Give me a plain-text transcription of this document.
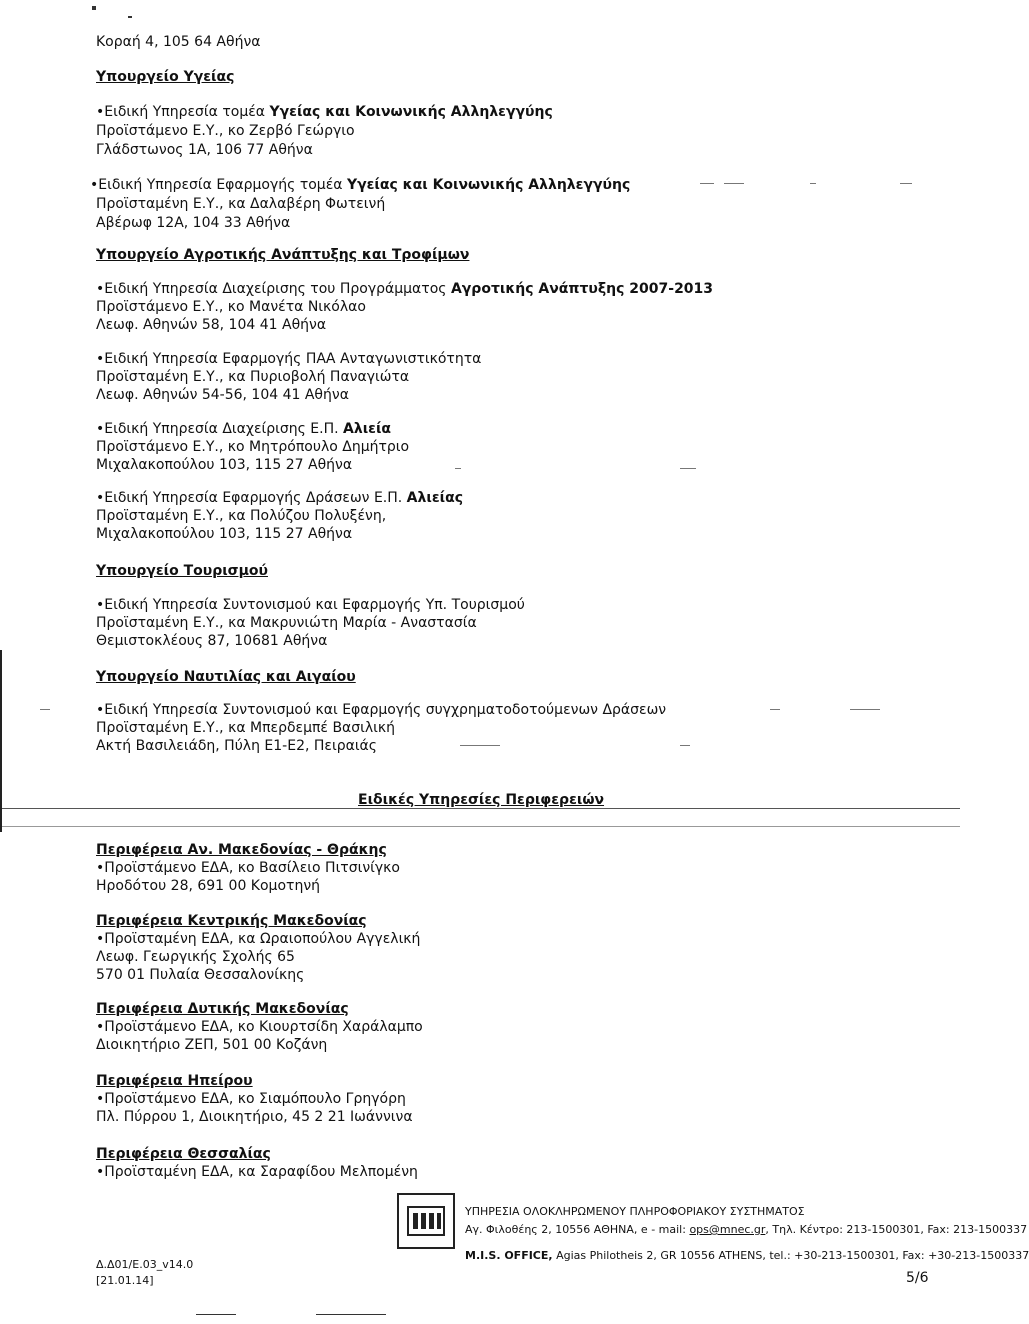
Κοραή 4, 105 64 Αθήνα
Υπουργείο Υγείας
• Ειδική Υπηρεσία τομέα Υγείας και Κοινωνικής Αλληλεγγύης
Προϊστάμενο Ε.Υ., κο Ζερβό Γεώργιο
Γλάδστωνος 1Α, 106 77 Αθήνα
• Ειδική Υπηρεσία Εφαρμογής τομέα Υγείας και Κοινωνικής Αλληλεγγύης
Προϊσταμένη Ε.Υ., κα Δαλαβέρη Φωτεινή
Αβέρωφ 12Α, 104 33 Αθήνα
Υπουργείο Αγροτικής Ανάπτυξης και Τροφίμων
• Ειδική Υπηρεσία Διαχείρισης του Προγράμματος Αγροτικής Ανάπτυξης 2007-2013
Προϊστάμενο Ε.Υ., κο Μανέτα Νικόλαο
Λεωφ. Αθηνών 58, 104 41 Αθήνα
• Ειδική Υπηρεσία Εφαρμογής ΠΑΑ Ανταγωνιστικότητα
Προϊσταμένη Ε.Υ., κα Πυριοβολή Παναγιώτα
Λεωφ. Αθηνών 54-56, 104 41 Αθήνα
• Ειδική Υπηρεσία Διαχείρισης Ε.Π. Αλιεία
Προϊστάμενο Ε.Υ., κο Μητρόπουλο Δημήτριο
Μιχαλακοπούλου 103, 115 27 Αθήνα
• Ειδική Υπηρεσία Εφαρμογής Δράσεων Ε.Π. Αλιείας
Προϊσταμένη Ε.Υ., κα Πολύζου Πολυξένη,
Μιχαλακοπούλου 103, 115 27 Αθήνα
Υπουργείο Τουρισμού
• Ειδική Υπηρεσία Συντονισμού και Εφαρμογής Υπ. Τουρισμού
Προϊσταμένη Ε.Υ., κα Μακρυνιώτη Μαρία - Αναστασία
Θεμιστοκλέους 87, 10681 Αθήνα
Υπουργείο Ναυτιλίας και Αιγαίου
• Ειδική Υπηρεσία Συντονισμού και Εφαρμογής συγχρηματοδοτούμενων Δράσεων
Προϊσταμένη Ε.Υ., κα Μπερδεμπέ Βασιλική
Ακτή Βασιλειάδη, Πύλη Ε1-Ε2, Πειραιάς
Ειδικές Υπηρεσίες Περιφερειών
Περιφέρεια Αν. Μακεδονίας - Θράκης
• Προϊστάμενο ΕΔΑ, κο Βασίλειο Πιτσινίγκο
Ηροδότου 28, 691 00 Κομοτηνή
Περιφέρεια Κεντρικής Μακεδονίας
• Προϊσταμένη ΕΔΑ, κα Ωραιοπούλου Αγγελική
Λεωφ. Γεωργικής Σχολής 65
570 01 Πυλαία Θεσσαλονίκης
Περιφέρεια Δυτικής Μακεδονίας
• Προϊστάμενο ΕΔΑ, κο Κιουρτσίδη Χαράλαμπο
Διοικητήριο ΖΕΠ, 501 00 Κοζάνη
Περιφέρεια Ηπείρου
• Προϊστάμενο ΕΔΑ, κο Σιαμόπουλο Γρηγόρη
Πλ. Πύρρου 1, Διοικητήριο, 45 2 21 Ιωάννινα
Περιφέρεια Θεσσαλίας
• Προϊσταμένη ΕΔΑ, κα Σαραφίδου Μελπομένη
ΥΠΗΡΕΣΙΑ ΟΛΟΚΛΗΡΩΜΕΝΟΥ ΠΛΗΡΟΦΟΡΙΑΚΟΥ ΣΥΣΤΗΜΑΤΟΣ
Αγ. Φιλοθέης 2, 10556 ΑΘΗΝΑ, e - mail: ops@mnec.gr, Τηλ. Κέντρο: 213-1500301, Fax: 213-1500337
M.I.S. OFFICE, Agias Philotheis 2, GR 10556 ATHENS, tel.: +30-213-1500301, Fax: +30-213-1500337
Δ.Δ01/Ε.03_v14.0
[21.01.14]	5/6
